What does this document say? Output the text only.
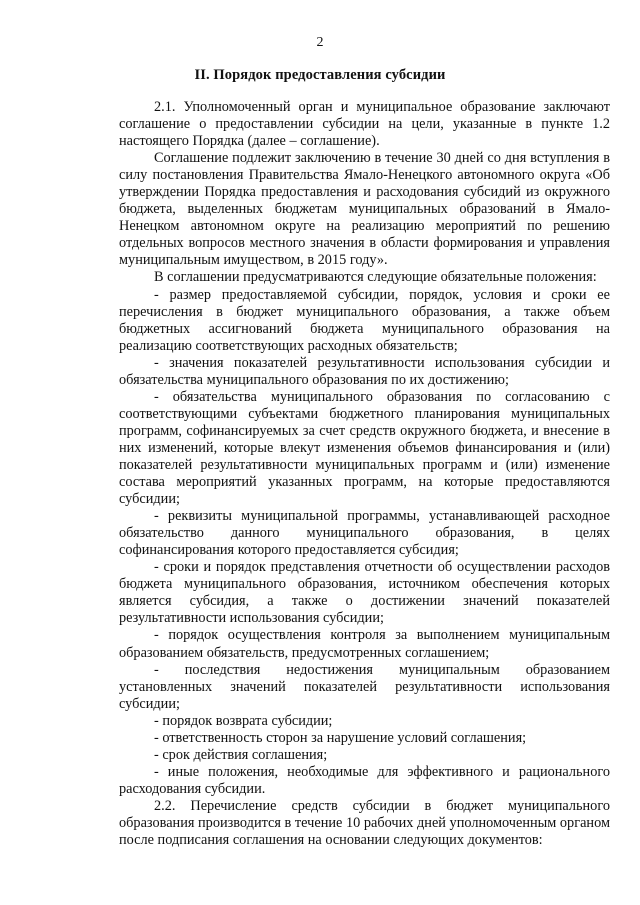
2
II. Порядок предоставления субсидии

2.1. Уполномоченный орган и муниципальное образование заключают соглашение о предоставлении субсидии на цели, указанные в пункте 1.2 настоящего Порядка (далее – соглашение).

Соглашение подлежит заключению в течение 30 дней со дня вступления в силу постановления Правительства Ямало-Ненецкого автономного округа «Об утверждении Порядка предоставления и расходования субсидий из окружного бюджета, выделенных бюджетам муниципальных образований в Ямало-Ненецком автономном округе на реализацию мероприятий по решению отдельных вопросов местного значения в области формирования и управления муниципальным имуществом, в 2015 году».

В соглашении предусматриваются следующие обязательные положения:

- размер предоставляемой субсидии, порядок, условия и сроки ее перечисления в бюджет муниципального образования, а также объем бюджетных ассигнований бюджета муниципального образования на реализацию соответствующих расходных обязательств;

- значения показателей результативности использования субсидии и обязательства муниципального образования по их достижению;

- обязательства муниципального образования по согласованию с соответствующими субъектами бюджетного планирования муниципальных программ, софинансируемых за счет средств окружного бюджета, и внесение в них изменений, которые влекут изменения объемов финансирования и (или) показателей результативности муниципальных программ и (или) изменение состава мероприятий указанных программ, на которые предоставляются субсидии;

- реквизиты муниципальной программы, устанавливающей расходное обязательство данного муниципального образования, в целях софинансирования которого предоставляется субсидия;

- сроки и порядок представления отчетности об осуществлении расходов бюджета муниципального образования, источником обеспечения которых является субсидия, а также о достижении значений показателей результативности использования субсидии;

- порядок осуществления контроля за выполнением муниципальным образованием обязательств, предусмотренных соглашением;

- последствия недостижения муниципальным образованием установленных значений показателей результативности использования субсидии;

- порядок возврата субсидии;

- ответственность сторон за нарушение условий соглашения;

- срок действия соглашения;

- иные положения, необходимые для эффективного и рационального расходования субсидии.

2.2. Перечисление средств субсидии в бюджет муниципального образования производится в течение 10 рабочих дней уполномоченным органом после подписания соглашения на основании следующих документов:
